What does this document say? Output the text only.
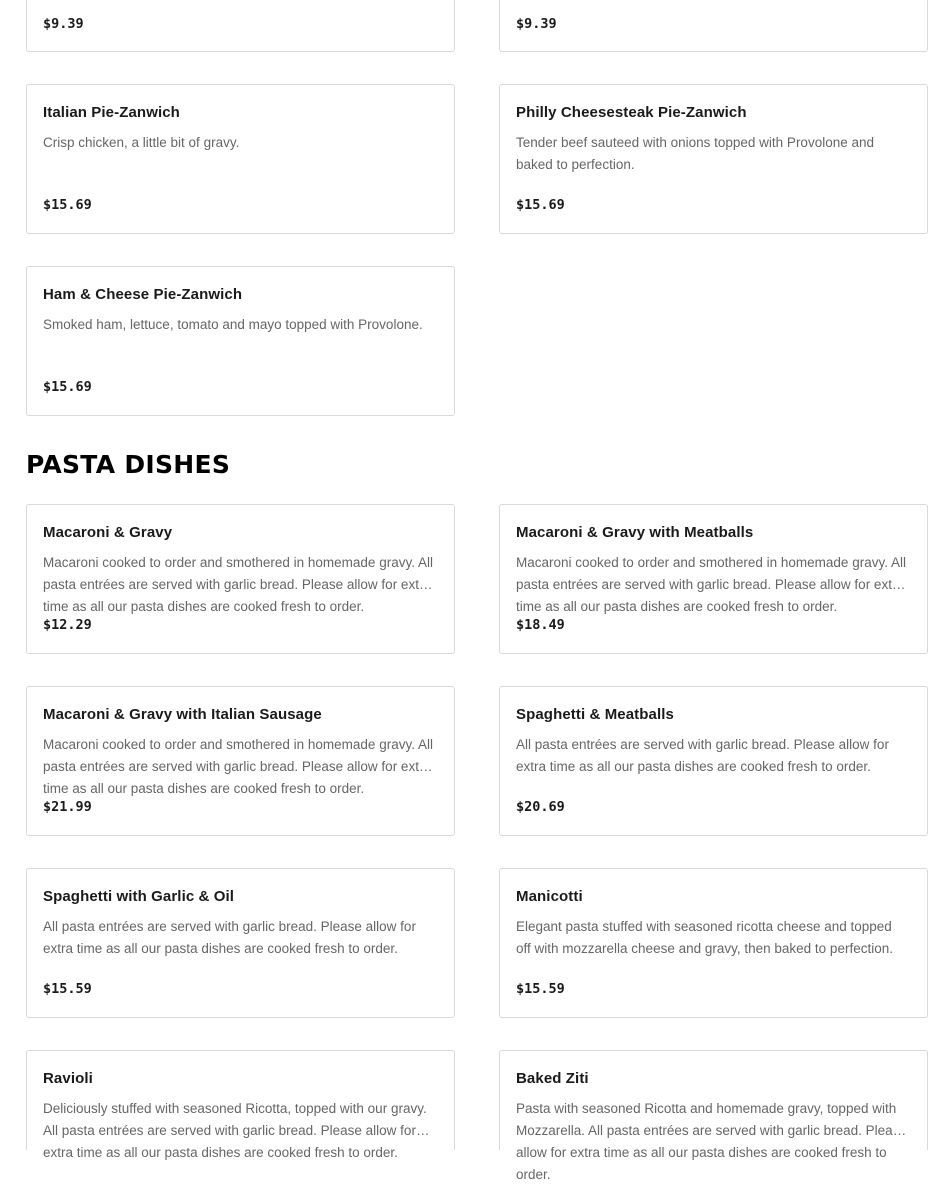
$9.39	$9.39
Italian Pie-Zanwich
Crisp chicken, a little bit of gravy.
$15.69
Philly Cheesesteak Pie-Zanwich
Tender beef sauteed with onions topped with Provolone and baked to perfection.
$15.69
Ham & Cheese Pie-Zanwich
Smoked ham, lettuce, tomato and mayo topped with Provolone.
$15.69
PASTA DISHES
Macaroni & Gravy
Macaroni cooked to order and smothered in homemade gravy. All pasta entrées are served with garlic bread. Please allow for extra time as all our pasta dishes are cooked fresh to order.
$12.29
Macaroni & Gravy with Meatballs
Macaroni cooked to order and smothered in homemade gravy. All pasta entrées are served with garlic bread. Please allow for extra time as all our pasta dishes are cooked fresh to order.
$18.49
Macaroni & Gravy with Italian Sausage
Macaroni cooked to order and smothered in homemade gravy. All pasta entrées are served with garlic bread. Please allow for extra time as all our pasta dishes are cooked fresh to order.
$21.99
Spaghetti & Meatballs
All pasta entrées are served with garlic bread. Please allow for extra time as all our pasta dishes are cooked fresh to order.
$20.69
Spaghetti with Garlic & Oil
All pasta entrées are served with garlic bread. Please allow for extra time as all our pasta dishes are cooked fresh to order.
$15.59
Manicotti
Elegant pasta stuffed with seasoned ricotta cheese and topped off with mozzarella cheese and gravy, then baked to perfection.
$15.59
Ravioli
Deliciously stuffed with seasoned Ricotta, topped with our gravy. All pasta entrées are served with garlic bread. Please allow for extra time as all our pasta dishes are cooked fresh to order.
Baked Ziti
Pasta with seasoned Ricotta and homemade gravy, topped with Mozzarella. All pasta entrées are served with garlic bread. Please allow for extra time as all our pasta dishes are cooked fresh to order.
